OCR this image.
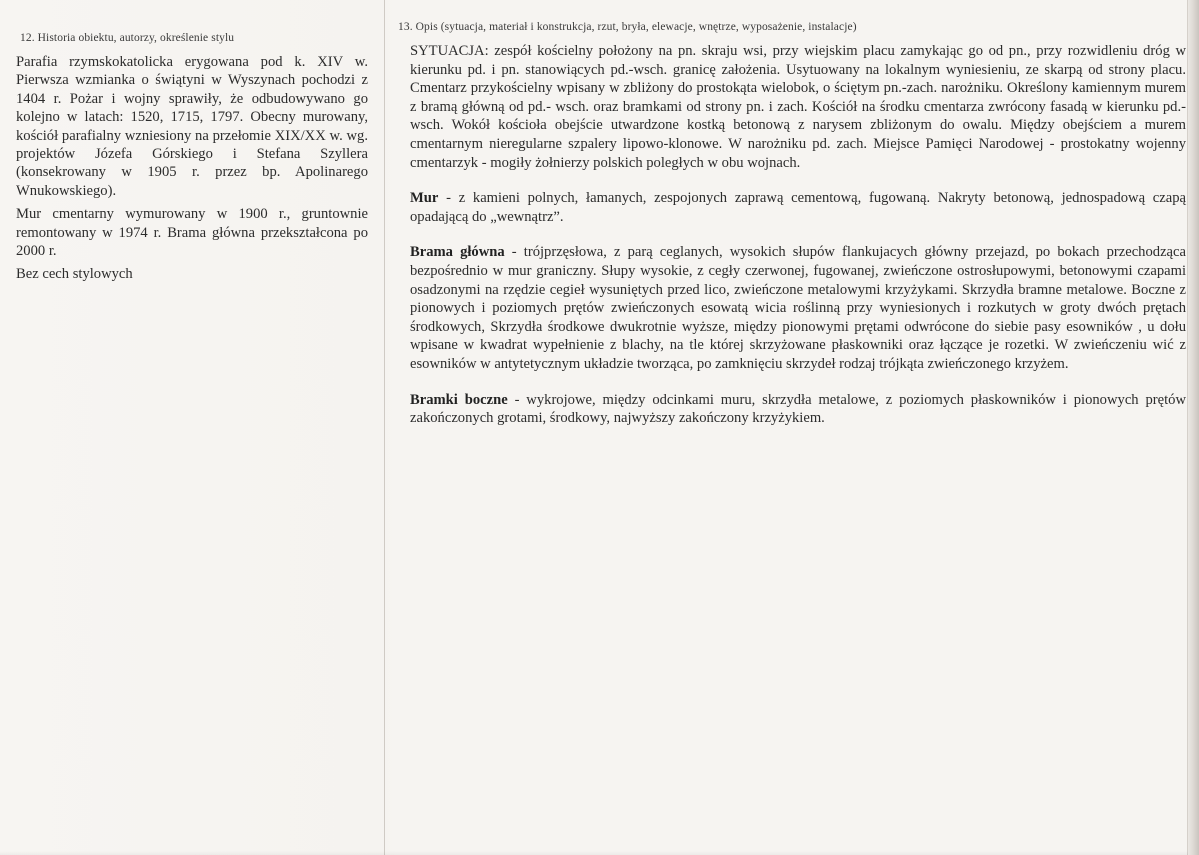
12. Historia obiektu, autorzy, określenie stylu

Parafia rzymskokatolicka erygowana pod k. XIV w. Pierwsza wzmianka o świątyni w Wyszynach pochodzi z 1404 r. Pożar i wojny sprawiły, że odbudowywano go kolejno w latach: 1520, 1715, 1797. Obecny murowany, kościół parafialny wzniesiony na przełomie XIX/XX w. wg. projektów Józefa Górskiego i Stefana Szyllera (konsekrowany w 1905 r. przez bp. Apolinarego Wnukowskiego).

Mur cmentarny wymurowany w 1900 r., gruntownie remontowany w 1974 r. Brama główna przekształcona po 2000 r.

Bez cech stylowych

13. Opis (sytuacja, materiał i konstrukcja, rzut, bryła, elewacje, wnętrze, wyposażenie, instalacje)

SYTUACJA: zespół kościelny położony na pn. skraju wsi, przy wiejskim placu zamykając go od pn., przy rozwidleniu dróg w kierunku pd. i pn. stanowiących pd.-wsch. granicę założenia. Usytuowany na lokalnym wyniesieniu, ze skarpą od strony placu. Cmentarz przykościelny wpisany w zbliżony do prostokąta wielobok, o ściętym pn.-zach. narożniku. Określony kamiennym murem z bramą główną od pd.- wsch. oraz bramkami od strony pn. i zach. Kościół na środku cmentarza zwrócony fasadą w kierunku pd.-wsch. Wokół kościoła obejście utwardzone kostką betonową z narysem zbliżonym do owalu. Między obejściem a murem cmentarnym nieregularne szpalery lipowo-klonowe. W narożniku pd. zach. Miejsce Pamięci Narodowej - prostokatny wojenny cmentarzyk - mogiły żołnierzy polskich poległych w obu wojnach.

Mur - z kamieni polnych, łamanych, zespojonych zaprawą cementową, fugowaną. Nakryty betonową, jednospadową czapą opadającą do „wewnątrz”.

Brama główna - trójprzęsłowa, z parą ceglanych, wysokich słupów flankujacych główny przejazd, po bokach przechodząca bezpośrednio w mur graniczny. Słupy wysokie, z cegły czerwonej, fugowanej, zwieńczone ostrosłupowymi, betonowymi czapami osadzonymi na rzędzie cegieł wysuniętych przed lico, zwieńczone metalowymi krzyżykami. Skrzydła bramne metalowe. Boczne z pionowych i poziomych prętów zwieńczonych esowatą wicia roślinną przy wyniesionych i rozkutych w groty dwóch prętach środkowych, Skrzydła środkowe dwukrotnie wyższe, między pionowymi prętami odwrócone do siebie pasy esowników , u dołu wpisane w kwadrat wypełnienie z blachy, na tle której skrzyżowane płaskowniki oraz łączące je rozetki. W zwieńczeniu wić z esowników w antytetycznym układzie tworząca, po zamknięciu skrzydeł rodzaj trójkąta zwieńczonego krzyżem.

Bramki boczne - wykrojowe, między odcinkami muru, skrzydła metalowe, z poziomych płaskowników i pionowych prętów zakończonych grotami, środkowy, najwyższy zakończony krzyżykiem.
